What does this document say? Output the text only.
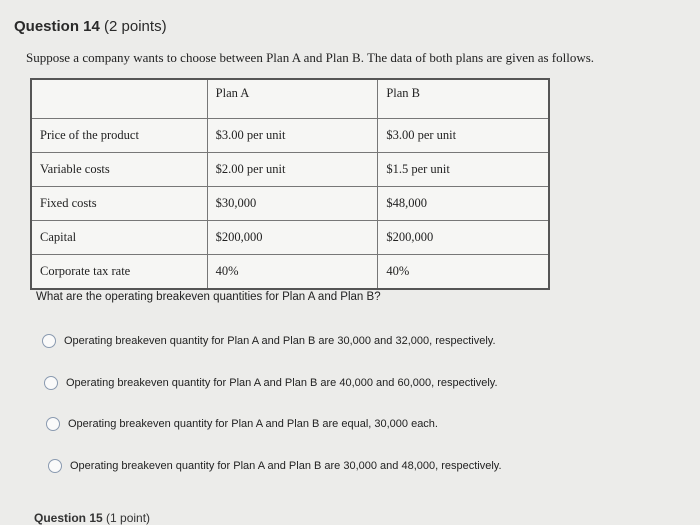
Question 14 (2 points)
Suppose a company wants to choose between Plan A and Plan B. The data of both plans are given as follows.
	Plan A	Plan B
Price of the product	$3.00 per unit	$3.00 per unit
Variable costs	$2.00 per unit	$1.5 per unit
Fixed costs	$30,000	$48,000
Capital	$200,000	$200,000
Corporate tax rate	40%	40%
What are the operating breakeven quantities for Plan A and Plan B?
Operating breakeven quantity for Plan A and Plan B are 30,000 and 32,000, respectively.
Operating breakeven quantity for Plan A and Plan B are 40,000 and 60,000, respectively.
Operating breakeven quantity for Plan A and Plan B are equal, 30,000 each.
Operating breakeven quantity for Plan A and Plan B are 30,000 and 48,000, respectively.
Question 15 (1 point)
